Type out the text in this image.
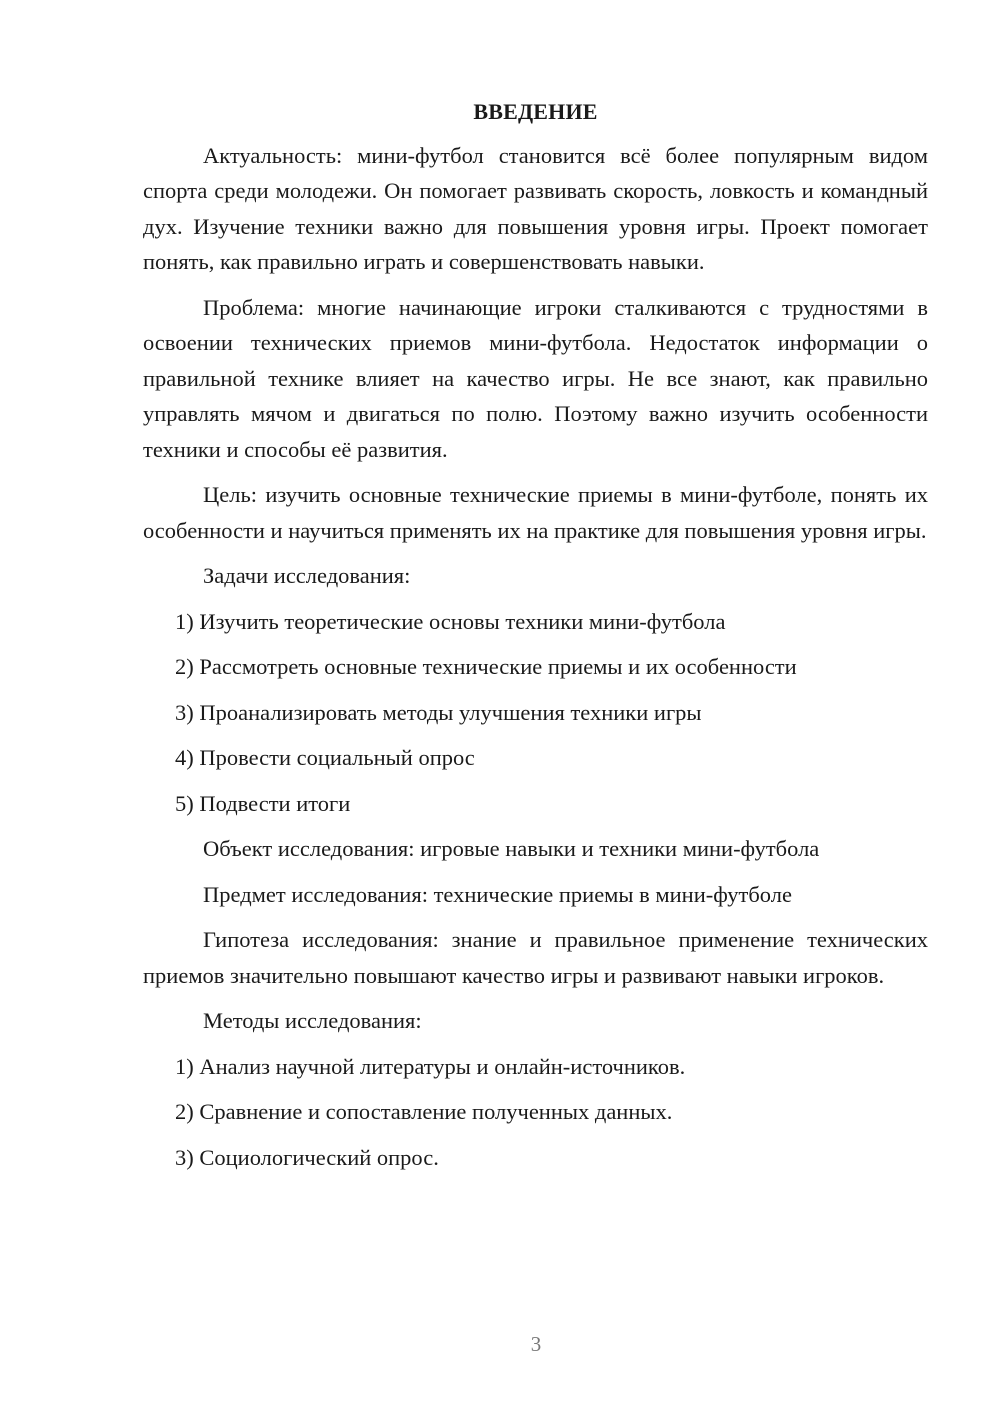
ВВЕДЕНИЕ

Актуальность: мини-футбол становится всё более популярным видом спорта среди молодежи. Он помогает развивать скорость, ловкость и командный дух. Изучение техники важно для повышения уровня игры. Проект помогает понять, как правильно играть и совершенствовать навыки.

Проблема: многие начинающие игроки сталкиваются с трудностями в освоении технических приемов мини-футбола. Недостаток информации о правильной технике влияет на качество игры. Не все знают, как правильно управлять мячом и двигаться по полю. Поэтому важно изучить особенности техники и способы её развития.

Цель: изучить основные технические приемы в мини-футболе, понять их особенности и научиться применять их на практике для повышения уровня игры.

Задачи исследования:

1) Изучить теоретические основы техники мини-футбола

2) Рассмотреть основные технические приемы и их особенности

3) Проанализировать методы улучшения техники игры

4) Провести социальный опрос

5) Подвести итоги

Объект исследования: игровые навыки и техники мини-футбола

Предмет исследования: технические приемы в мини-футболе

Гипотеза исследования: знание и правильное применение технических приемов значительно повышают качество игры и развивают навыки игроков.

Методы исследования:

1) Анализ научной литературы и онлайн-источников.

2) Сравнение и сопоставление полученных данных.

3) Социологический опрос.

3
